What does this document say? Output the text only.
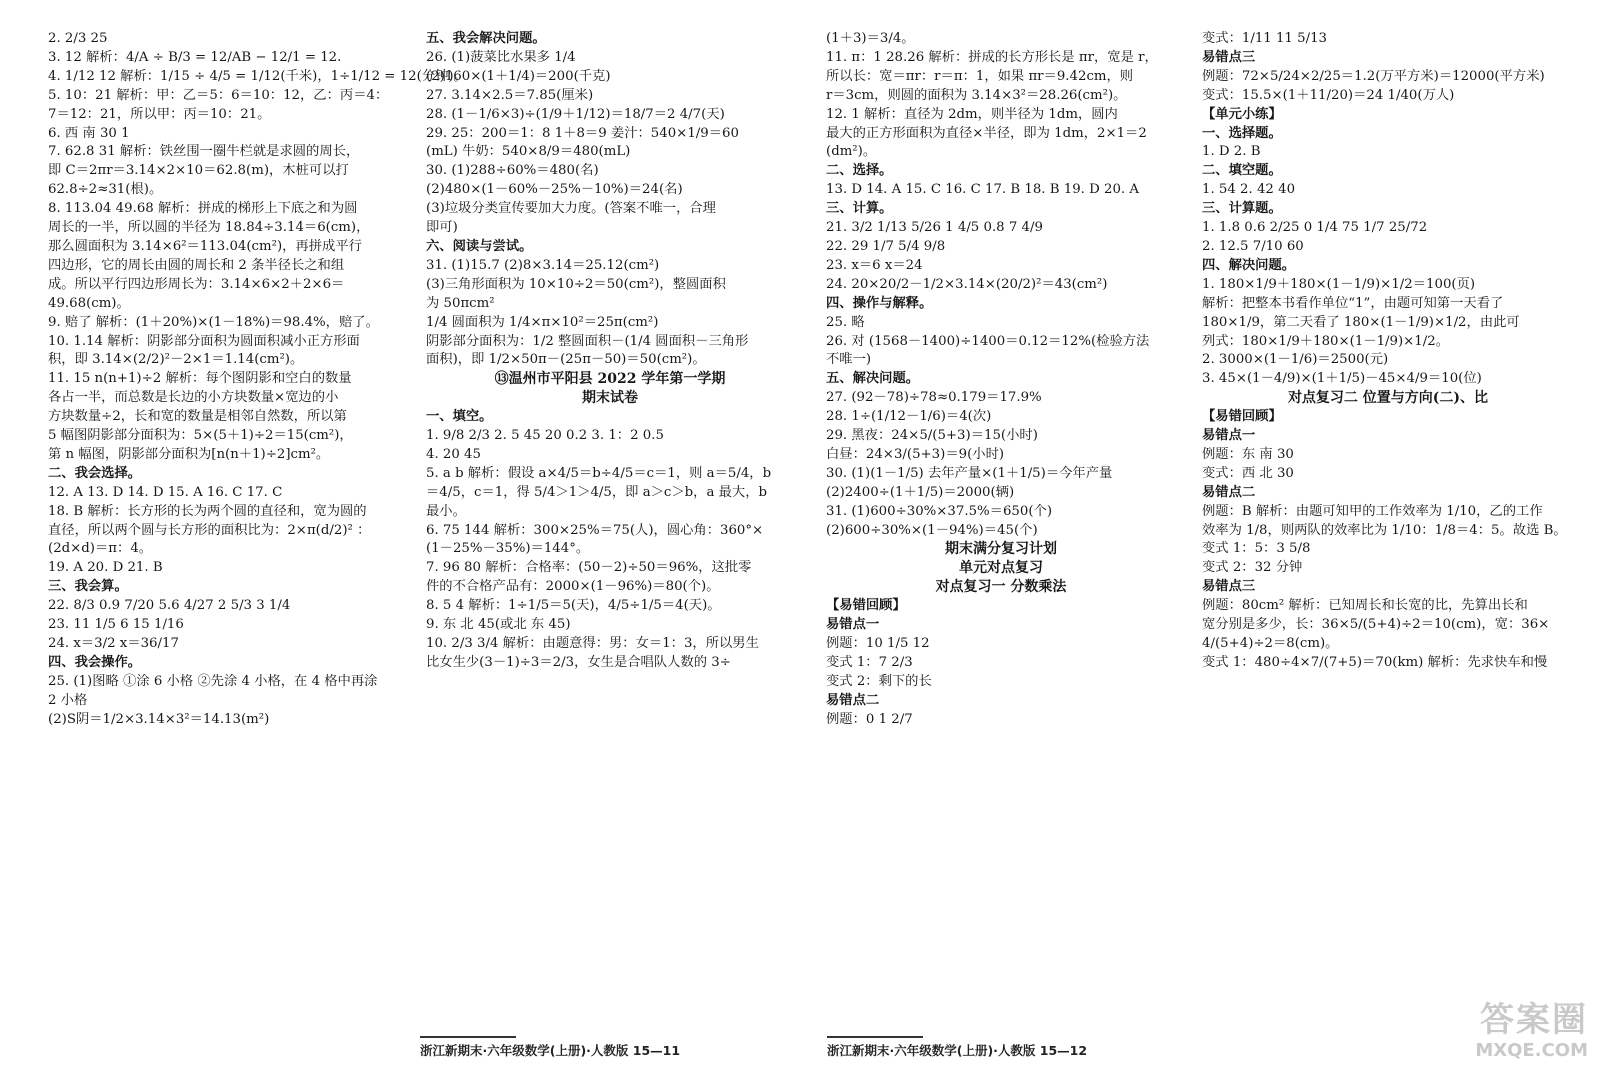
2. 2/3 25
3. 12 解析：4/A ÷ B/3 = 12/AB − 12/1 = 12.
4. 1/12 12 解析：1/15 ÷ 4/5 = 1/12(千米)，1÷1/12 = 12(分钟)。
5. 10：21 解析：甲：乙＝5：6＝10：12，乙：丙＝4：
7＝12：21，所以甲：丙＝10：21。
6. 西 南 30 1
7. 62.8 31 解析：铁丝围一圈牛栏就是求圆的周长，
即 C＝2πr＝3.14×2×10＝62.8(m)，木桩可以打
62.8÷2≈31(根)。
8. 113.04 49.68 解析：拼成的梯形上下底之和为圆
周长的一半，所以圆的半径为 18.84÷3.14＝6(cm)，
那么圆面积为 3.14×6²＝113.04(cm²)，再拼成平行
四边形，它的周长由圆的周长和 2 条半径长之和组
成。所以平行四边形周长为：3.14×6×2＋2×6＝
49.68(cm)。
9. 赔了 解析：(1＋20%)×(1－18%)＝98.4%，赔了。
10. 1.14 解析：阴影部分面积为圆面积减小正方形面
积，即 3.14×(2/2)²－2×1＝1.14(cm²)。
11. 15 n(n+1)÷2 解析：每个图阴影和空白的数量
各占一半，而总数是长边的小方块数量×宽边的小
方块数量÷2，长和宽的数量是相邻自然数，所以第
5 幅图阴影部分面积为：5×(5＋1)÷2＝15(cm²)，
第 n 幅图，阴影部分面积为[n(n＋1)÷2]cm²。
二、我会选择。
12. A 13. D 14. D 15. A 16. C 17. C
18. B 解析：长方形的长为两个圆的直径和，宽为圆的
直径，所以两个圆与长方形的面积比为：2×π(d/2)² ：
(2d×d)＝π：4。
19. A 20. D 21. B
三、我会算。
22. 8/3 0.9 7/20 5.6 4/27 2 5/3 3 1/4
23. 11 1/5 6 15 1/16
24. x＝3/2 x＝36/17
四、我会操作。
25. (1)图略 ①涂 6 小格 ②先涂 4 小格，在 4 格中再涂
2 小格
(2)S阴＝1/2×3.14×3²＝14.13(m²)
五、我会解决问题。
26. (1)菠菜比水果多 1/4
(2)160×(1＋1/4)＝200(千克)
27. 3.14×2.5＝7.85(厘米)
28. (1－1/6×3)÷(1/9＋1/12)＝18/7＝2 4/7(天)
29. 25：200＝1：8 1＋8＝9 姜汁：540×1/9＝60
(mL) 牛奶：540×8/9＝480(mL)
30. (1)288÷60%＝480(名)
(2)480×(1－60%－25%－10%)＝24(名)
(3)垃圾分类宣传要加大力度。(答案不唯一，合理
即可)
六、阅读与尝试。
31. (1)15.7 (2)8×3.14＝25.12(cm²)
(3)三角形面积为 10×10÷2＝50(cm²)，整圆面积
为 50πcm²
1/4 圆面积为 1/4×π×10²＝25π(cm²)
阴影部分面积为：1/2 整圆面积－(1/4 圆面积－三角形
面积)，即 1/2×50π－(25π－50)＝50(cm²)。
⑬温州市平阳县 2022 学年第一学期
期末试卷
一、填空。
1. 9/8 2/3 2. 5 45 20 0.2 3. 1：2 0.5
4. 20 45
5. a b 解析：假设 a×4/5＝b÷4/5＝c＝1，则 a＝5/4，b
＝4/5，c＝1，得 5/4＞1＞4/5，即 a＞c＞b，a 最大，b
最小。
6. 75 144 解析：300×25%＝75(人)，圆心角：360°×
(1－25%－35%)＝144°。
7. 96 80 解析：合格率：(50－2)÷50＝96%，这批零
件的不合格产品有：2000×(1－96%)＝80(个)。
8. 5 4 解析：1÷1/5＝5(天)，4/5÷1/5＝4(天)。
9. 东 北 45(或北 东 45)
10. 2/3 3/4 解析：由题意得：男：女＝1：3，所以男生
比女生少(3－1)÷3＝2/3，女生是合唱队人数的 3÷
(1＋3)＝3/4。
11. π：1 28.26 解析：拼成的长方形长是 πr，宽是 r，
所以长：宽＝πr：r＝π：1，如果 πr＝9.42cm，则
r＝3cm，则圆的面积为 3.14×3²＝28.26(cm²)。
12. 1 解析：直径为 2dm，则半径为 1dm，圆内
最大的正方形面积为直径×半径，即为 1dm，2×1＝2
(dm²)。
二、选择。
13. D 14. A 15. C 16. C 17. B 18. B 19. D 20. A
三、计算。
21. 3/2 1/13 5/26 1 4/5 0.8 7 4/9
22. 29 1/7 5/4 9/8
23. x＝6 x＝24
24. 20×20/2－1/2×3.14×(20/2)²＝43(cm²)
四、操作与解释。
25. 略
26. 对 (1568－1400)÷1400＝0.12＝12%(检验方法
不唯一)
五、解决问题。
27. (92－78)÷78≈0.179＝17.9%
28. 1÷(1/12－1/6)＝4(次)
29. 黑夜：24×5/(5+3)＝15(小时)
白昼：24×3/(5+3)＝9(小时)
30. (1)(1－1/5) 去年产量×(1＋1/5)＝今年产量
(2)2400÷(1＋1/5)＝2000(辆)
31. (1)600÷30%×37.5%＝650(个)
(2)600÷30%×(1－94%)＝45(个)
期末满分复习计划
单元对点复习
对点复习一 分数乘法
【易错回顾】
易错点一
例题：10 1/5 12
变式 1：7 2/3
变式 2：剩下的长
易错点二
例题：0 1 2/7
变式：1/11 11 5/13
易错点三
例题：72×5/24×2/25＝1.2(万平方米)＝12000(平方米)
变式：15.5×(1＋11/20)＝24 1/40(万人)
【单元小练】
一、选择题。
1. D 2. B
二、填空题。
1. 54 2. 42 40
三、计算题。
1. 1.8 0.6 2/25 0 1/4 75 1/7 25/72
2. 12.5 7/10 60
四、解决问题。
1. 180×1/9＋180×(1－1/9)×1/2＝100(页)
解析：把整本书看作单位“1”，由题可知第一天看了
180×1/9，第二天看了 180×(1－1/9)×1/2，由此可
列式：180×1/9＋180×(1－1/9)×1/2。
2. 3000×(1－1/6)＝2500(元)
3. 45×(1－4/9)×(1＋1/5)－45×4/9＝10(位)
对点复习二 位置与方向(二)、比
【易错回顾】
易错点一
例题：东 南 30
变式：西 北 30
易错点二
例题：B 解析：由题可知甲的工作效率为 1/10，乙的工作
效率为 1/8，则两队的效率比为 1/10：1/8＝4：5。故选 B。
变式 1：5：3 5/8
变式 2：32 分钟
易错点三
例题：80cm² 解析：已知周长和长宽的比，先算出长和
宽分别是多少，长：36×5/(5+4)÷2＝10(cm)，宽：36×
4/(5+4)÷2＝8(cm)。
变式 1：480÷4×7/(7+5)＝70(km) 解析：先求快车和慢
浙江新期末·六年级数学(上册)·人教版 15—11	浙江新期末·六年级数学(上册)·人教版 15—12
答案圈
MXQE.COM
